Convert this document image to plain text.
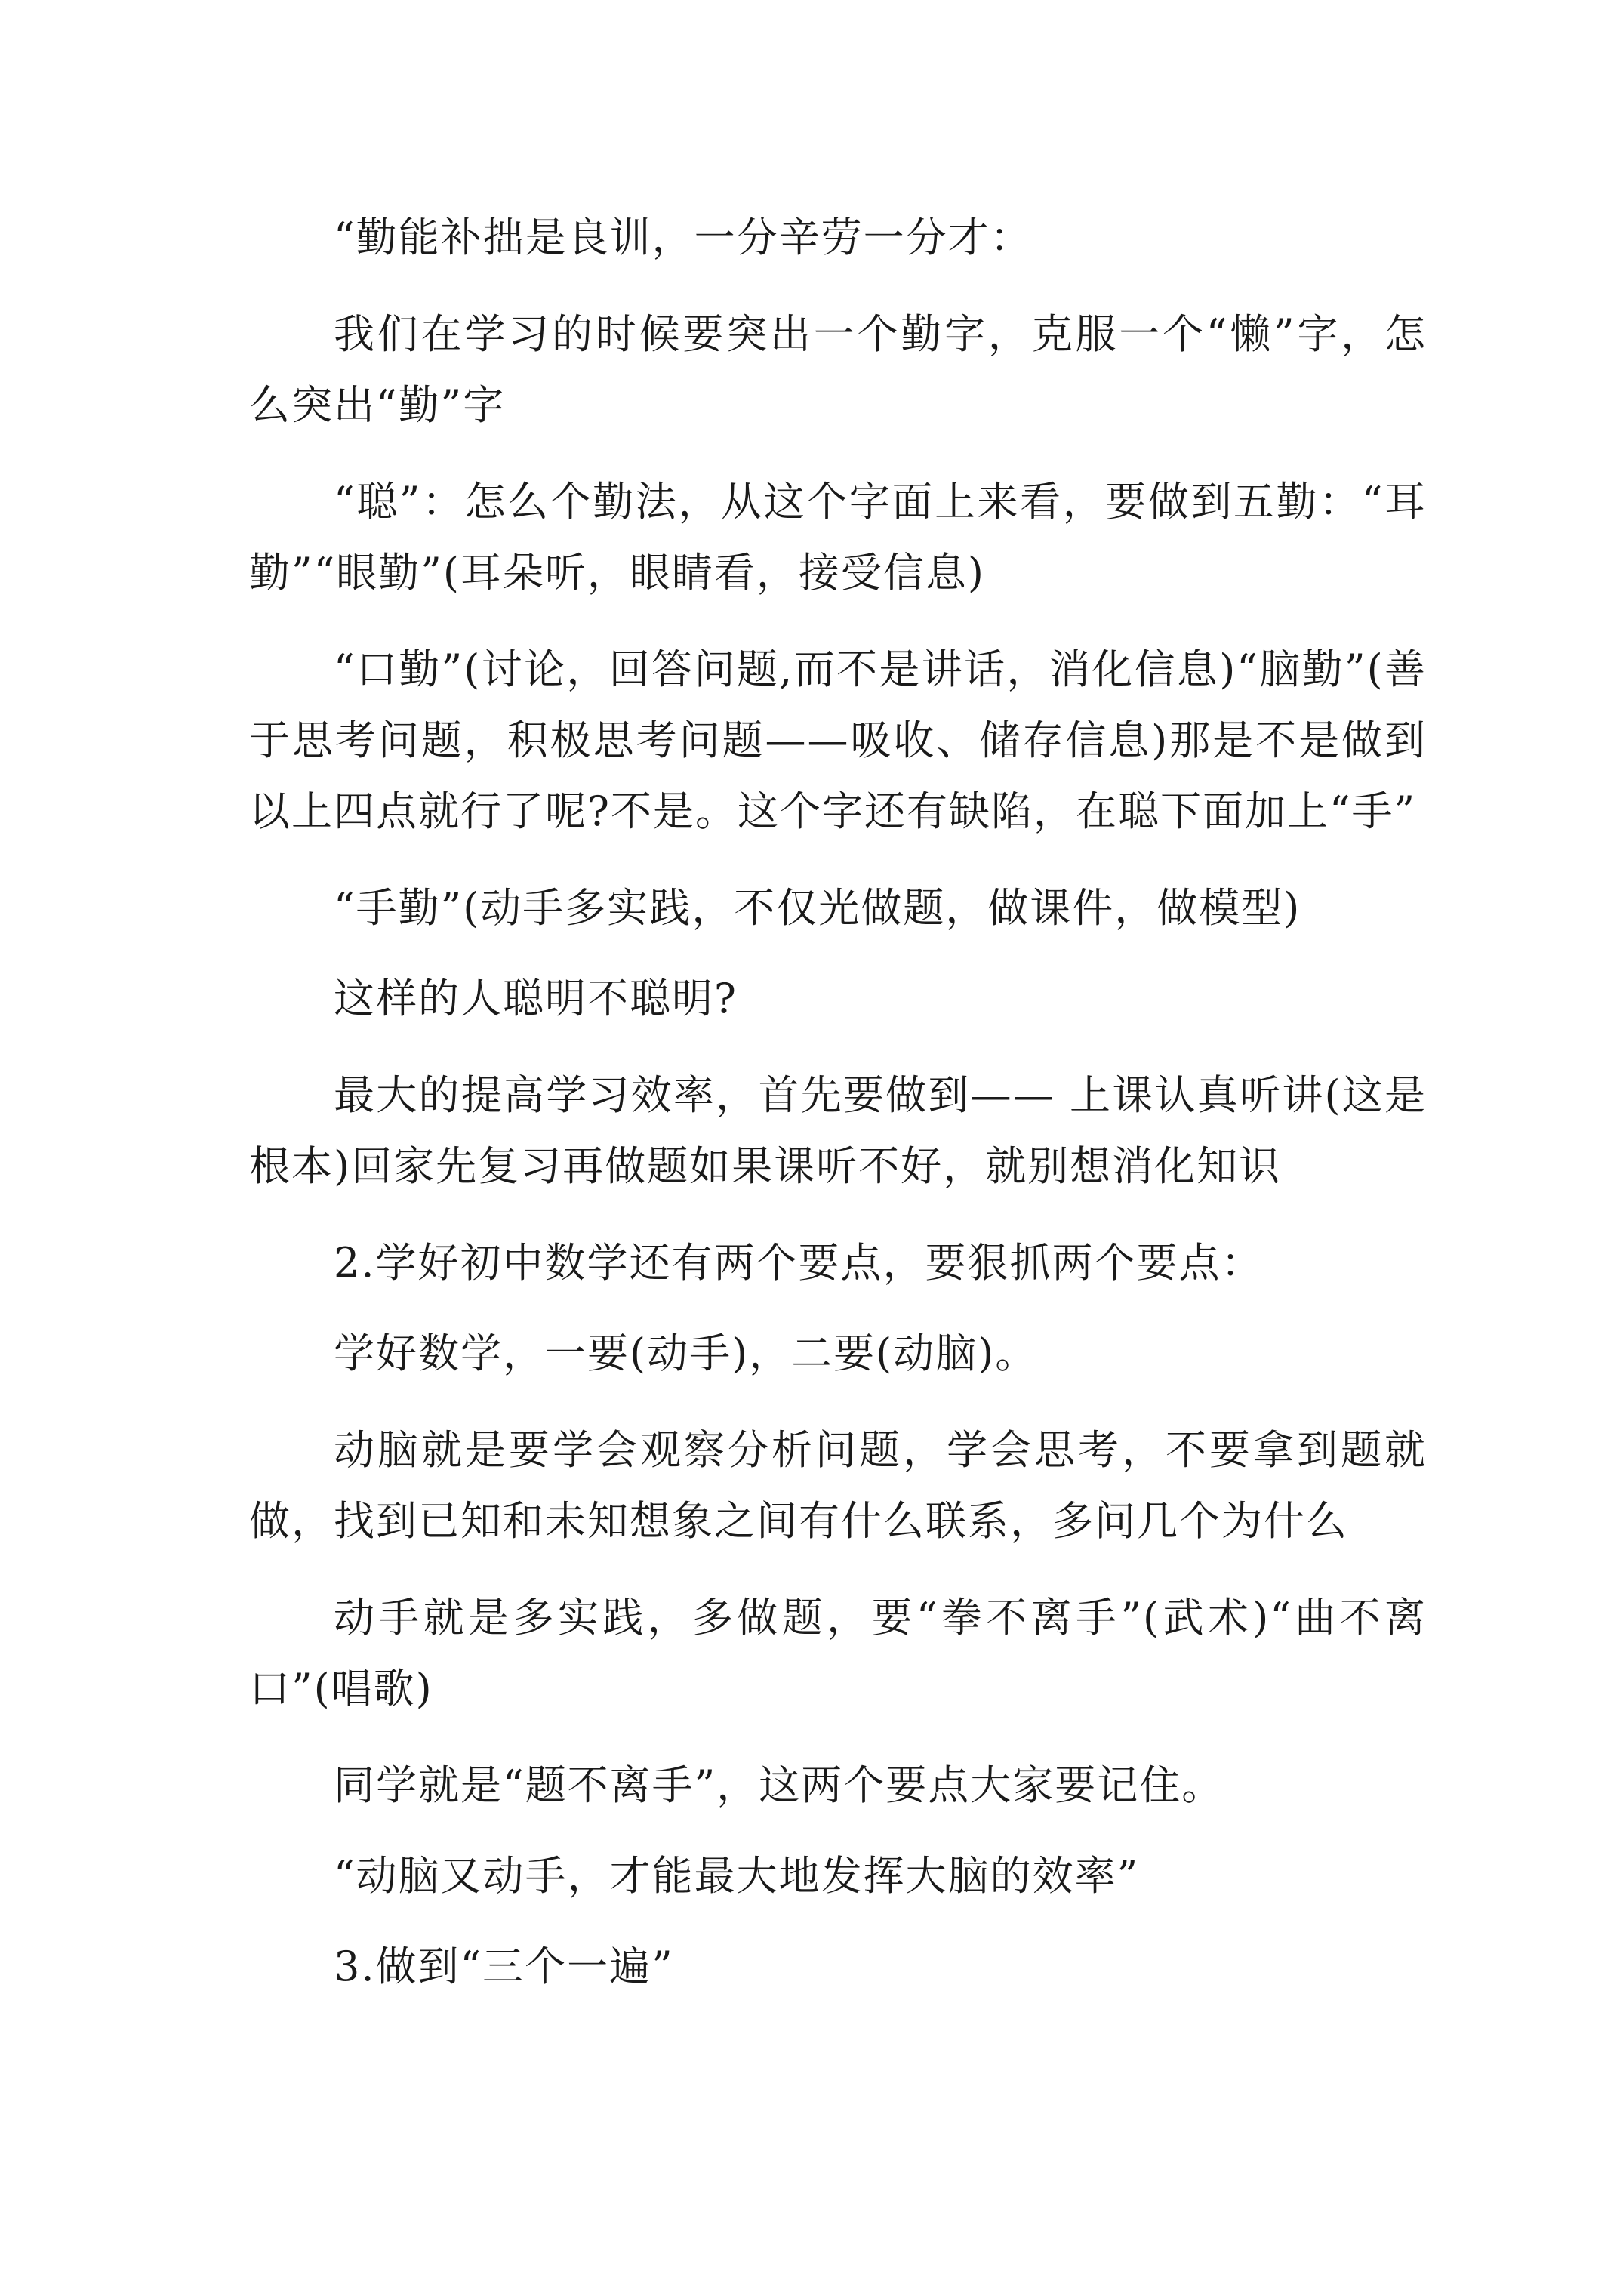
“勤能补拙是良训，一分辛劳一分才：

我们在学习的时候要突出一个勤字，克服一个“懒”字，怎么突出“勤”字

“聪”：怎么个勤法，从这个字面上来看，要做到五勤：“耳勤”“眼勤”(耳朵听，眼睛看，接受信息)

“口勤”(讨论，回答问题,而不是讲话，消化信息)“脑勤”(善于思考问题，积极思考问题——吸收、储存信息)那是不是做到以上四点就行了呢?不是。这个字还有缺陷，在聪下面加上“手”

“手勤”(动手多实践，不仅光做题，做课件，做模型)

这样的人聪明不聪明?

最大的提高学习效率，首先要做到—— 上课认真听讲(这是根本)回家先复习再做题如果课听不好，就别想消化知识

2.学好初中数学还有两个要点，要狠抓两个要点：

学好数学，一要(动手)，二要(动脑)。

动脑就是要学会观察分析问题，学会思考，不要拿到题就做，找到已知和未知想象之间有什么联系，多问几个为什么

动手就是多实践，多做题，要“拳不离手”(武术)“曲不离口”(唱歌)

同学就是“题不离手”，这两个要点大家要记住。

“动脑又动手，才能最大地发挥大脑的效率”

3.做到“三个一遍”
